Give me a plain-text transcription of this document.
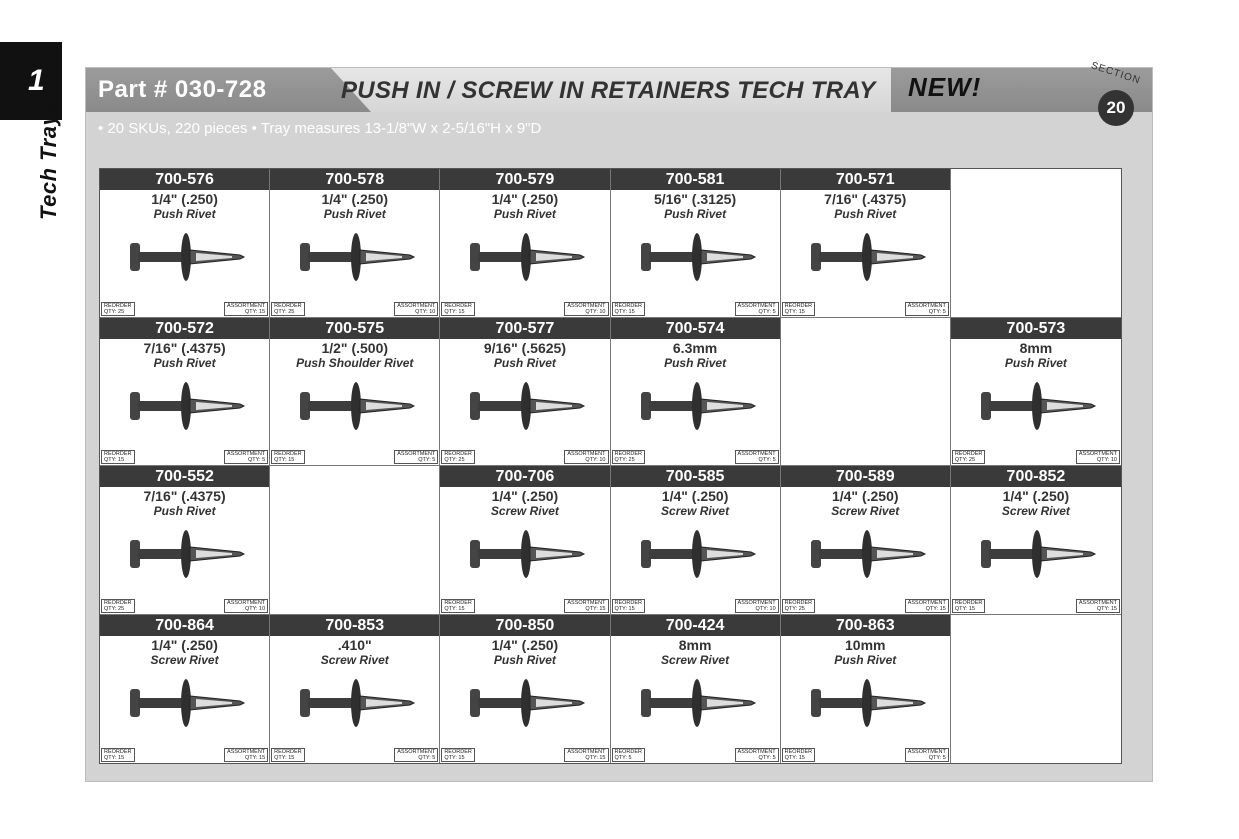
1
Tech Trays
Part # 030-728	PUSH IN / SCREW IN RETAINERS TECH TRAY NEW!	SECTION
20
• 20 SKUs, 220 pieces • Tray measures 13-1/8"W x 2-5/16"H x 9"D
700-576
1/4" (.250)
Push Rivet
REORDER
QTY: 25
ASSORTMENT
QTY: 15
700-578
1/4" (.250)
Push Rivet
REORDER
QTY: 25
ASSORTMENT
QTY: 10
700-579
1/4" (.250)
Push Rivet
REORDER
QTY: 15
ASSORTMENT
QTY: 10
700-581
5/16" (.3125)
Push Rivet
REORDER
QTY: 15
ASSORTMENT
QTY: 5
700-571
7/16" (.4375)
Push Rivet
REORDER
QTY: 15
ASSORTMENT
QTY: 5
700-572
7/16" (.4375)
Push Rivet
REORDER
QTY: 15
ASSORTMENT
QTY: 5
700-575
1/2" (.500)
Push Shoulder Rivet
REORDER
QTY: 15
ASSORTMENT
QTY: 5
700-577
9/16" (.5625)
Push Rivet
REORDER
QTY: 25
ASSORTMENT
QTY: 10
700-574
6.3mm
Push Rivet
REORDER
QTY: 25
ASSORTMENT
QTY: 5
700-573
8mm
Push Rivet
REORDER
QTY: 25
ASSORTMENT
QTY: 10
700-552
7/16" (.4375)
Push Rivet
REORDER
QTY: 25
ASSORTMENT
QTY: 10
700-706
1/4" (.250)
Screw Rivet
REORDER
QTY: 15
ASSORTMENT
QTY: 15
700-585
1/4" (.250)
Screw Rivet
REORDER
QTY: 15
ASSORTMENT
QTY: 10
700-589
1/4" (.250)
Screw Rivet
REORDER
QTY: 25
ASSORTMENT
QTY: 15
700-852
1/4" (.250)
Screw Rivet
REORDER
QTY: 15
ASSORTMENT
QTY: 15
700-864
1/4" (.250)
Screw Rivet
REORDER
QTY: 15
ASSORTMENT
QTY: 15
700-853
.410"
Screw Rivet
REORDER
QTY: 15
ASSORTMENT
QTY: 5
700-850
1/4" (.250)
Push Rivet
REORDER
QTY: 15
ASSORTMENT
QTY: 15
700-424
8mm
Screw Rivet
REORDER
QTY: 5
ASSORTMENT
QTY: 5
700-863
10mm
Push Rivet
REORDER
QTY: 15
ASSORTMENT
QTY: 5
